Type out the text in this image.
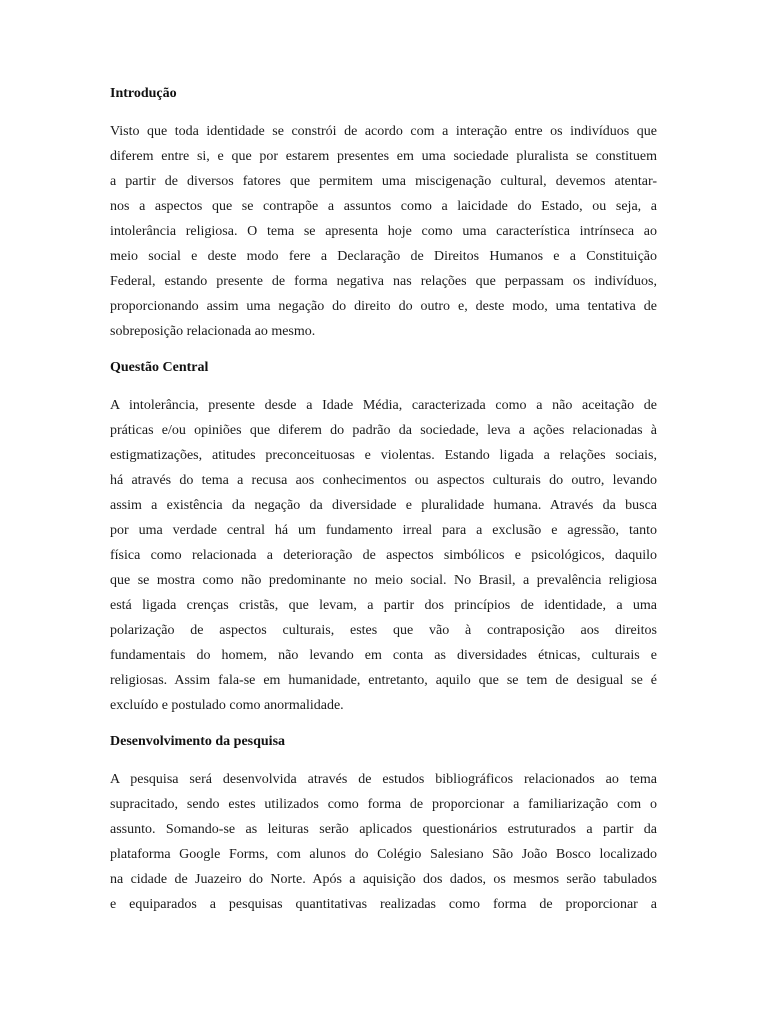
Introdução
Visto que toda identidade se constrói de acordo com a interação entre os indivíduos que
diferem entre si, e que por estarem presentes em uma sociedade pluralista se constituem
a partir de diversos fatores que permitem uma miscigenação cultural, devemos atentar-
nos a aspectos que se contrapõe a assuntos como a laicidade do Estado, ou seja, a
intolerância religiosa. O tema se apresenta hoje como uma característica intrínseca ao
meio social e deste modo fere a Declaração de Direitos Humanos e a Constituição
Federal, estando presente de forma negativa nas relações que perpassam os indivíduos,
proporcionando assim uma negação do direito do outro e, deste modo, uma tentativa de
sobreposição relacionada ao mesmo.
Questão Central
A intolerância, presente desde a Idade Média, caracterizada como a não aceitação de
práticas e/ou opiniões que diferem do padrão da sociedade, leva a ações relacionadas à
estigmatizações, atitudes preconceituosas e violentas. Estando ligada a relações sociais,
há através do tema a recusa aos conhecimentos ou aspectos culturais do outro, levando
assim a existência da negação da diversidade e pluralidade humana. Através da busca
por uma verdade central há um fundamento irreal para a exclusão e agressão, tanto
física como relacionada a deterioração de aspectos simbólicos e psicológicos, daquilo
que se mostra como não predominante no meio social. No Brasil, a prevalência religiosa
está ligada crenças cristãs, que levam, a partir dos princípios de identidade, a uma
polarização de aspectos culturais, estes que vão à contraposição aos direitos
fundamentais do homem, não levando em conta as diversidades étnicas, culturais e
religiosas. Assim fala-se em humanidade, entretanto, aquilo que se tem de desigual se é
excluído e postulado como anormalidade.
Desenvolvimento da pesquisa
A pesquisa será desenvolvida através de estudos bibliográficos relacionados ao tema
supracitado, sendo estes utilizados como forma de proporcionar a familiarização com o
assunto. Somando-se as leituras serão aplicados questionários estruturados a partir da
plataforma Google Forms, com alunos do Colégio Salesiano São João Bosco localizado
na cidade de Juazeiro do Norte. Após a aquisição dos dados, os mesmos serão tabulados
e equiparados a pesquisas quantitativas realizadas como forma de proporcionar a
